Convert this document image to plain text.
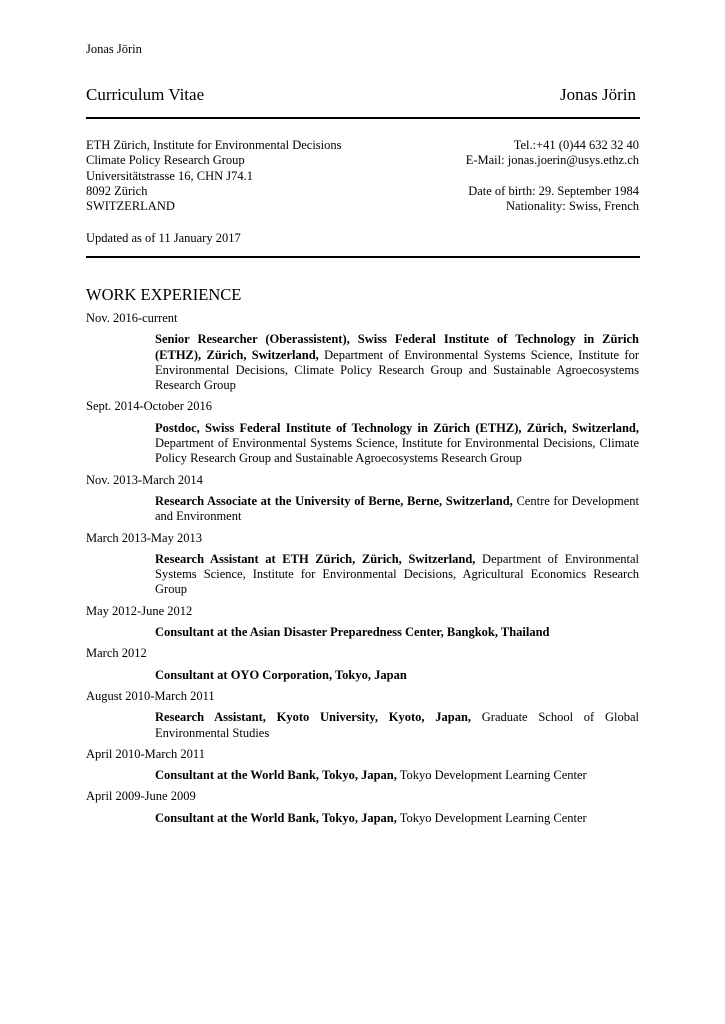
Jonas Jörin
Curriculum Vitae	Jonas Jörin
ETH Zürich, Institute for Environmental Decisions
Climate Policy Research Group
Universitätstrasse 16, CHN J74.1
8092 Zürich
SWITZERLAND
Tel.:+41 (0)44 632 32 40
E-Mail: jonas.joerin@usys.ethz.ch
Date of birth: 29. September 1984
Nationality: Swiss, French
Updated as of 11 January 2017
WORK EXPERIENCE
Nov. 2016-current
Senior Researcher (Oberassistent), Swiss Federal Institute of Technology in Zürich (ETHZ), Zürich, Switzerland, Department of Environmental Systems Science, Institute for Environmental Decisions, Climate Policy Research Group and Sustainable Agroecosystems Research Group
Sept. 2014-October 2016
Postdoc, Swiss Federal Institute of Technology in Zürich (ETHZ), Zürich, Switzerland, Department of Environmental Systems Science, Institute for Environmental Decisions, Climate Policy Research Group and Sustainable Agroecosystems Research Group
Nov. 2013-March 2014
Research Associate at the University of Berne, Berne, Switzerland, Centre for Development and Environment
March 2013-May 2013
Research Assistant at ETH Zürich, Zürich, Switzerland, Department of Environmental Systems Science, Institute for Environmental Decisions, Agricultural Economics Research Group
May 2012-June 2012
Consultant at the Asian Disaster Preparedness Center, Bangkok, Thailand
March 2012
Consultant at OYO Corporation, Tokyo, Japan
August 2010-March 2011
Research Assistant, Kyoto University, Kyoto, Japan, Graduate School of Global Environmental Studies
April 2010-March 2011
Consultant at the World Bank, Tokyo, Japan, Tokyo Development Learning Center
April 2009-June 2009
Consultant at the World Bank, Tokyo, Japan, Tokyo Development Learning Center
